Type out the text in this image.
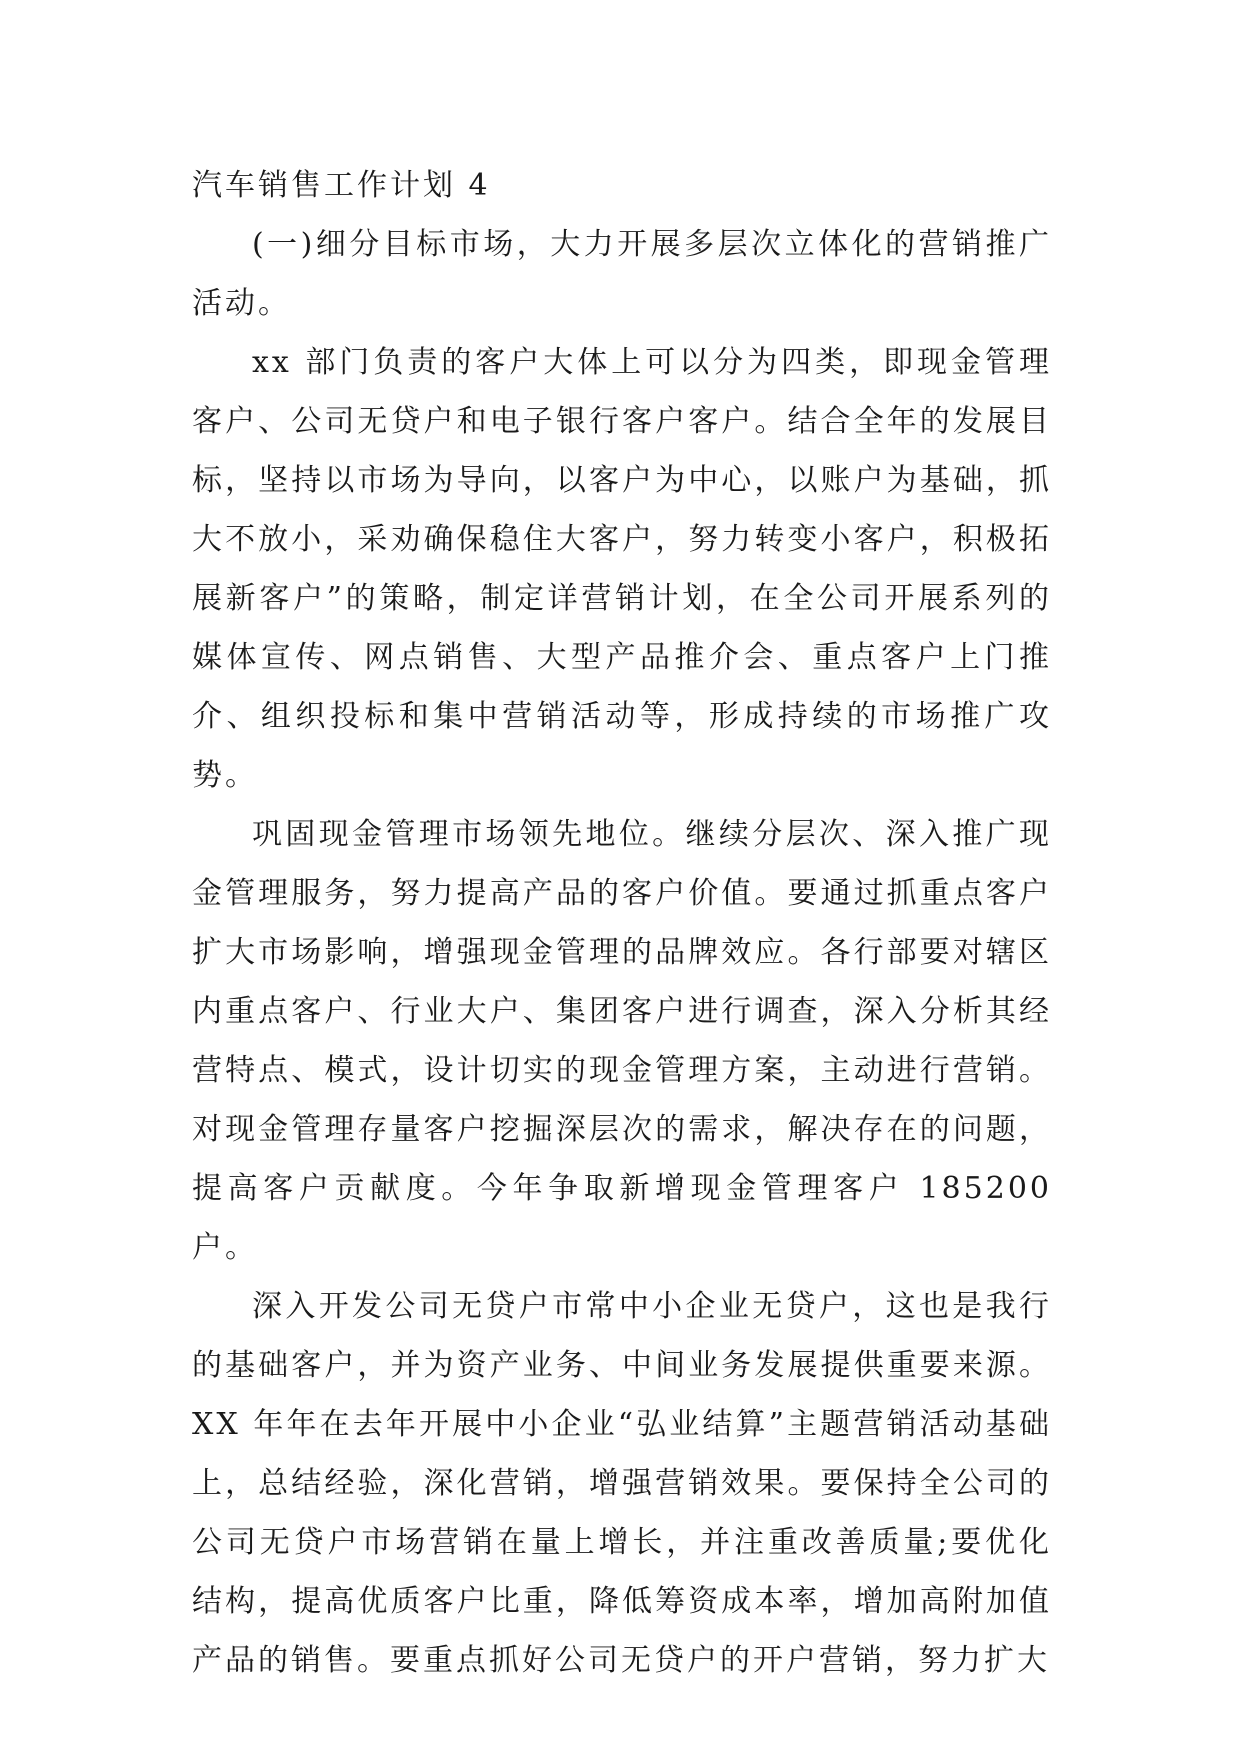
汽车销售工作计划 4

(一)细分目标市场，大力开展多层次立体化的营销推广活动。

xx 部门负责的客户大体上可以分为四类，即现金管理客户、公司无贷户和电子银行客户客户。结合全年的发展目标，坚持以市场为导向，以客户为中心，以账户为基础，抓大不放小，采劝确保稳住大客户，努力转变小客户，积极拓展新客户”的策略，制定详营销计划，在全公司开展系列的媒体宣传、网点销售、大型产品推介会、重点客户上门推介、组织投标和集中营销活动等，形成持续的市场推广攻势。

巩固现金管理市场领先地位。继续分层次、深入推广现金管理服务，努力提高产品的客户价值。要通过抓重点客户扩大市场影响，增强现金管理的品牌效应。各行部要对辖区内重点客户、行业大户、集团客户进行调查，深入分析其经营特点、模式，设计切实的现金管理方案，主动进行营销。对现金管理存量客户挖掘深层次的需求，解决存在的问题，提高客户贡献度。今年争取新增现金管理客户 185200 户。

深入开发公司无贷户市常中小企业无贷户，这也是我行的基础客户，并为资产业务、中间业务发展提供重要来源。XX 年年在去年开展中小企业“弘业结算”主题营销活动基础上，总结经验，深化营销，增强营销效果。要保持全公司的公司无贷户市场营销在量上增长，并注重改善质量;要优化结构，提高优质客户比重，降低筹资成本率，增加高附加值产品的销售。要重点抓好公司无贷户的开户营销，努力扩大
